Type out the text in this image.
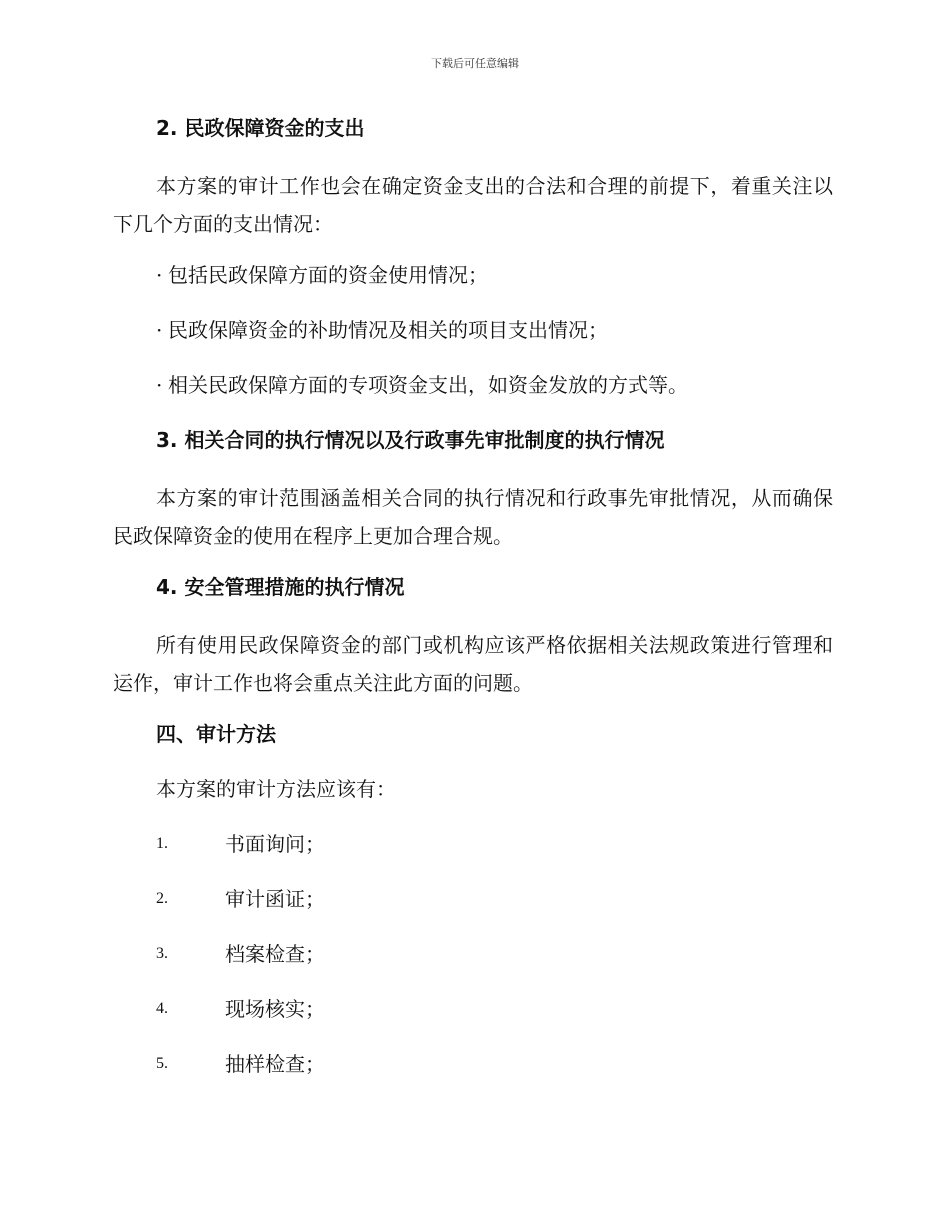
下载后可任意编辑
2. 民政保障资金的支出
本方案的审计工作也会在确定资金支出的合法和合理的前提下，着重关注以下几个方面的支出情况：
· 包括民政保障方面的资金使用情况；
· 民政保障资金的补助情况及相关的项目支出情况；
· 相关民政保障方面的专项资金支出，如资金发放的方式等。
3. 相关合同的执行情况以及行政事先审批制度的执行情况
本方案的审计范围涵盖相关合同的执行情况和行政事先审批情况，从而确保民政保障资金的使用在程序上更加合理合规。
4. 安全管理措施的执行情况
所有使用民政保障资金的部门或机构应该严格依据相关法规政策进行管理和运作，审计工作也将会重点关注此方面的问题。
四、审计方法
本方案的审计方法应该有：
1.	书面询问；
2.	审计函证；
3.	档案检查；
4.	现场核实；
5.	抽样检查；
